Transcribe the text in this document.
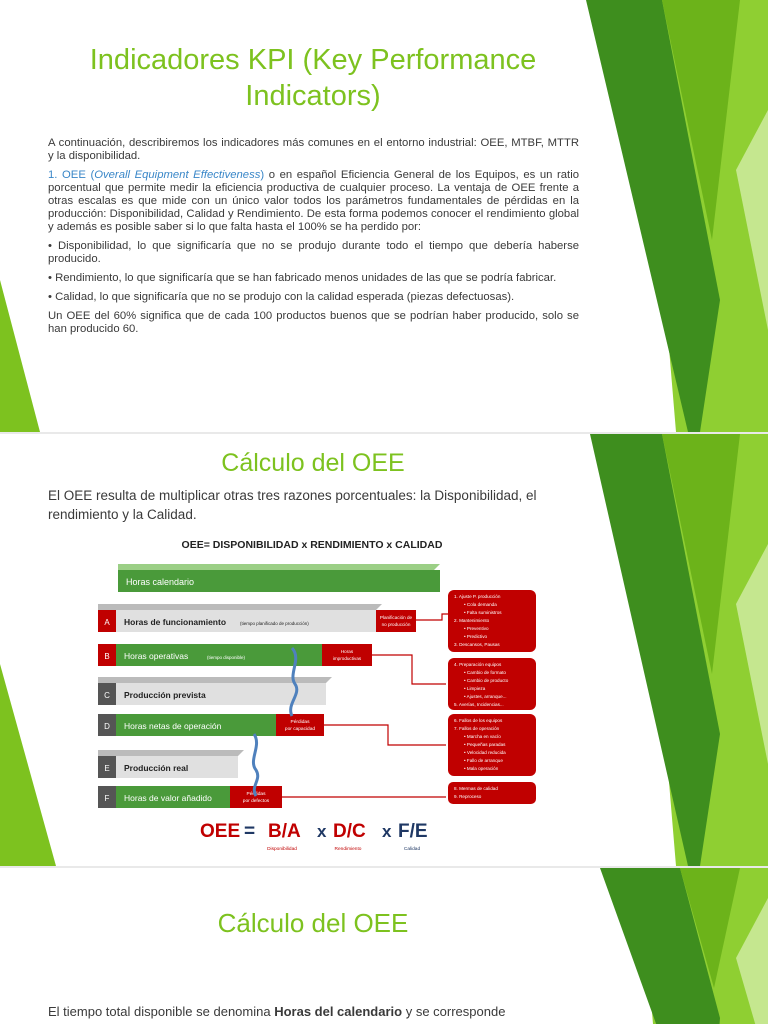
Indicadores KPI (Key Performance Indicators)

A continuación, describiremos los indicadores más comunes en el entorno industrial: OEE, MTBF, MTTR y la disponibilidad.

1. OEE (Overall Equipment Effectiveness) o en español Eficiencia General de los Equipos, es un ratio porcentual que permite medir la eficiencia productiva de cualquier proceso. La ventaja de OEE frente a otras escalas es que mide con un único valor todos los parámetros fundamentales de pérdidas en la producción: Disponibilidad, Calidad y Rendimiento. De esta forma podemos conocer el rendimiento global y además es posible saber si lo que falta hasta el 100% se ha perdido por:

• Disponibilidad, lo que significaría que no se produjo durante todo el tiempo que debería haberse producido.

• Rendimiento, lo que significaría que se han fabricado menos unidades de las que se podría fabricar.

• Calidad, lo que significaría que no se produjo con la calidad esperada (piezas defectuosas).

Un OEE del 60% significa que de cada 100 productos buenos que se podrían haber producido, solo se han producido 60.

Cálculo del OEE
El OEE resulta de multiplicar otras tres razones porcentuales: la Disponibilidad, el rendimiento y la Calidad.
OEE= DISPONIBILIDAD x RENDIMIENTO x CALIDAD
Horas calendario
A Horas de funcionamiento	(tiempo planificado de producción)
Planificación de
no producción
B Horas operativas	(tiempo disponible)
Horas
improductivas
C Producción prevista
D Horas netas de operación	Pérdidas
por capacidad
E Producción real
F Horas de valor añadido	Pérdidas
por defectos
1. Ajuste P. producción
• Cola demanda
• Falta suministros
2. Mantenimiento
• Preventivo
• Predictivo
3. Descansos, Pausas
4. Preparación equipos
• Cambio de formato
• Cambio de producto
• Limpieza
• Ajustes, arranque...
5. Averías, Incidencias...
6. Fallos de los equipos
7. Fallos de operación
• Marcha en vacío
• Pequeñas paradas
• Velocidad reducida
• Fallo de arranque
• Mala operación
8. Mermas de calidad
9. Reproceso
OEE = B/A x D/C x F/E
Disponibilidad	Rendimiento	Calidad
Cálculo del OEE
El tiempo total disponible se denomina Horas del calendario y se corresponde
